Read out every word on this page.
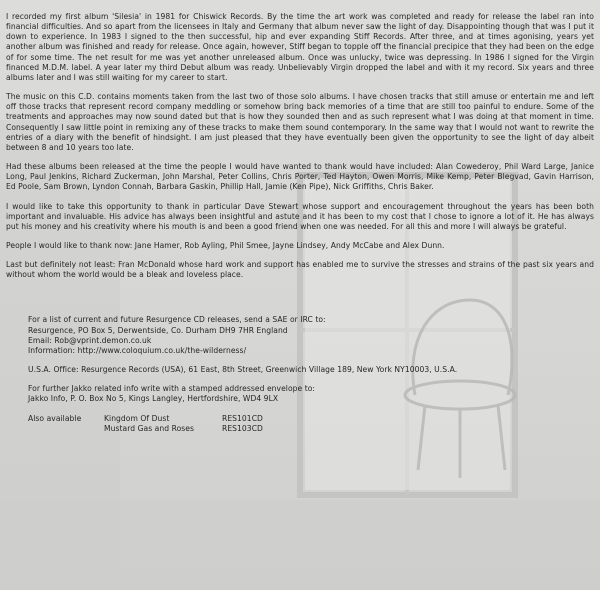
I recorded my first album 'Silesia' in 1981 for Chiswick Records. By the time the art work was completed and ready for release the label ran into financial difficulties. And so apart from the licensees in Italy and Germany that album never saw the light of day. Disappointing though that was I put it down to experience. In 1983 I signed to the then successful, hip and ever expanding Stiff Records. After three, and at times agonising, years yet another album was finished and ready for release. Once again, however, Stiff began to topple off the financial precipice that they had been on the edge of for some time. The net result for me was yet another unreleased album. Once was unlucky, twice was depressing. In 1986 I signed for the Virgin financed M.D.M. label. A year later my third Debut album was ready. Unbelievably Virgin dropped the label and with it my record. Six years and three albums later and I was still waiting for my career to start.

The music on this C.D. contains moments taken from the last two of those solo albums. I have chosen tracks that still amuse or entertain me and left off those tracks that represent record company meddling or somehow bring back memories of a time that are still too painful to endure. Some of the treatments and approaches may now sound dated but that is how they sounded then and as such represent what I was doing at that moment in time. Consequently I saw little point in remixing any of these tracks to make them sound contemporary. In the same way that I would not want to rewrite the entries of a diary with the benefit of hindsight. I am just pleased that they have eventually been given the opportunity to see the light of day albeit between 8 and 10 years too late.

Had these albums been released at the time the people I would have wanted to thank would have included: Alan Cowederoy, Phil Ward Large, Janice Long, Paul Jenkins, Richard Zuckerman, John Marshal, Peter Collins, Chris Porter, Ted Hayton, Owen Morris, Mike Kemp, Peter Blegvad, Gavin Harrison, Ed Poole, Sam Brown, Lyndon Connah, Barbara Gaskin, Phillip Hall, Jamie (Ken Pipe), Nick Griffiths, Chris Baker.

I would like to take this opportunity to thank in particular Dave Stewart whose support and encouragement throughout the years has been both important and invaluable. His advice has always been insightful and astute and it has been to my cost that I chose to ignore a lot of it. He has always put his money and his creativity where his mouth is and been a good friend when one was needed. For all this and more I will always be grateful.

People I would like to thank now: Jane Hamer, Rob Ayling, Phil Smee, Jayne Lindsey, Andy McCabe and Alex Dunn.

Last but definitely not least: Fran McDonald whose hard work and support has enabled me to survive the stresses and strains of the past six years and without whom the world would be a bleak and loveless place.

For a list of current and future Resurgence CD releases, send a SAE or IRC to:

Resurgence, PO Box 5, Derwentside, Co. Durham DH9 7HR England

Email: Rob@vprint.demon.co.uk

Information: http://www.coloquium.co.uk/the-wilderness/

U.S.A. Office: Resurgence Records (USA), 61 East, 8th Street, Greenwich Village 189, New York NY10003, U.S.A.

For further Jakko related info write with a stamped addressed envelope to:

Jakko Info, P. O. Box No 5, Kings Langley, Hertfordshire, WD4 9LX

Also available	Kingdom Of Dust	RES101CD
Mustard Gas and Roses	RES103CD
